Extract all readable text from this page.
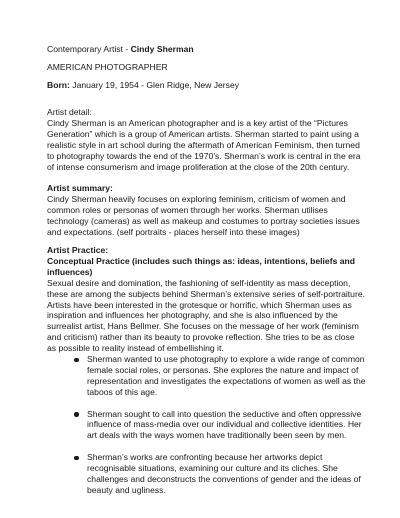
Contemporary Artist - Cindy Sherman

AMERICAN PHOTOGRAPHER

Born: January 19, 1954 - Glen Ridge, New Jersey

Artist detail:

Cindy Sherman is an American photographer and is a key artist of the “Pictures Generation” which is a group of American artists. Sherman started to paint using a realistic style in art school during the aftermath of American Feminism, then turned to photography towards the end of the 1970’s. Sherman’s work is central in the era of intense consumerism and image proliferation at the close of the 20th century.

Artist summary:

Cindy Sherman heavily focuses on exploring feminism, criticism of women and common roles or personas of women through her works. Sherman utilises technology (cameras) as well as makeup and costumes to portray societies issues and expectations. (self portraits - places herself into these images)

Artist Practice:

Conceptual Practice (includes such things as: ideas, intentions, beliefs and influences)

Sexual desire and domination, the fashioning of self-identity as mass deception, these are among the subjects behind Sherman’s extensive series of self-portraiture. Artists have been interested in the grotesque or horrific, which Sherman uses as inspiration and influences her photography, and she is also influenced by the surrealist artist, Hans Bellmer. She focuses on the message of her work (feminism and criticism) rather than its beauty to provoke reflection. She tries to be as close as possible to reality instead of embellishing it.

Sherman wanted to use photography to explore a wide range of common female social roles, or personas. She explores the nature and impact of representation and investigates the expectations of women as well as the taboos of this age.
Sherman sought to call into question the seductive and often oppressive influence of mass-media over our individual and collective identities. Her art deals with the ways women have traditionally been seen by men.
Sherman’s works are confronting because her artworks depict recognisable situations, examining our culture and its cliches. She challenges and deconstructs the conventions of gender and the ideas of beauty and ugliness.
